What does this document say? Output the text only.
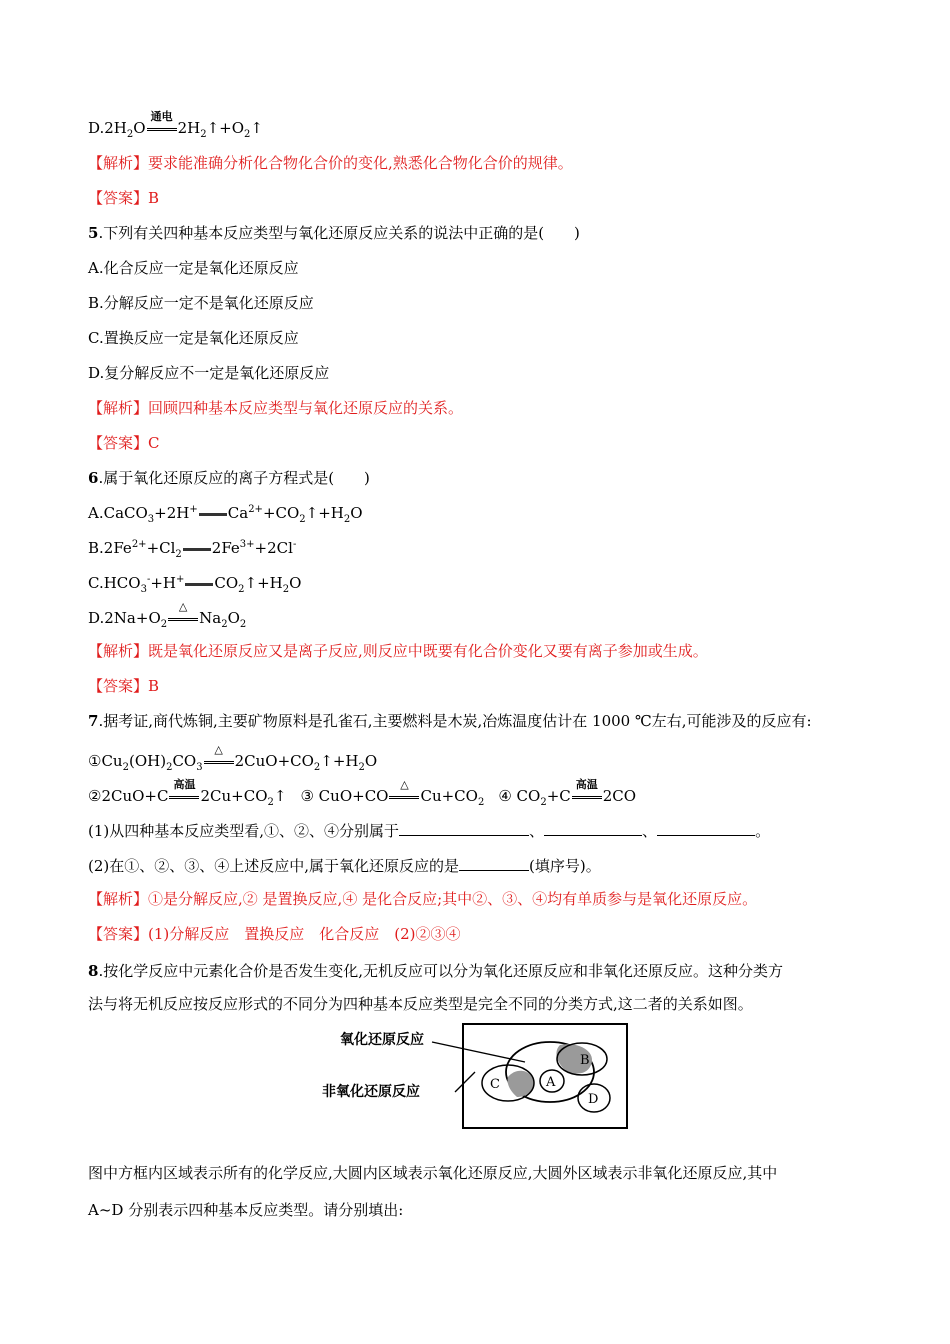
$D.2H_2O$
通电
$2H_2↑+O_2↑$
【解析】要求能准确分析化合物化合价的变化,熟悉化合物化合价的规律。
【答案】B
5.下列有关四种基本反应类型与氧化还原反应关系的说法中正确的是(　　)
A.化合反应一定是氧化还原反应
B.分解反应一定不是氧化还原反应
C.置换反应一定是氧化还原反应
D.复分解反应不一定是氧化还原反应
【解析】回顾四种基本反应类型与氧化还原反应的关系。
【答案】C
6.属于氧化还原反应的离子方程式是(　　)
A.CaCO$_3$+2H+ $Ca^{2+}+CO_2↑+H_2O$
$B.2Fe^{2+}+Cl_2$ $2Fe^{3+}+2Cl^-$
$C.HCO_3^-+H^+$ $CO_2↑+H_2O$
$D.2Na+O_2$
△
$Na_2O_2$
【解析】既是氧化还原反应又是离子反应,则反应中既要有化合价变化又要有离子参加或生成。
【答案】B
7.据考证,商代炼铜,主要矿物原料是孔雀石,主要燃料是木炭,冶炼温度估计在 1000 ℃左右,可能涉及的反应有:
$①Cu_2(OH)_2CO_3$
△
$2CuO+CO_2↑+H_2O$
②2CuO+C
高温
$2Cu+CO_2↑$ ③ CuO+CO
△
$Cu+CO_2$ ④ $CO_2+C$
高温
2CO
(1)从四种基本反应类型看,①、②、④分别属于	、	、	。
(2)在①、②、③、④上述反应中,属于氧化还原反应的是	(填序号)。
【解析】①是分解反应,② 是置换反应,④ 是化合反应;其中②、③、④均有单质参与是氧化还原反应。
【答案】(1)分解反应　置换反应　化合反应　(2)②③④
8.按化学反应中元素化合价是否发生变化,无机反应可以分为氧化还原反应和非氧化还原反应。这种分类方
法与将无机反应按反应形式的不同分为四种基本反应类型是完全不同的分类方式,这二者的关系如图。
氧化还原反应
非氧化还原反应
A
B
C
D
图中方框内区域表示所有的化学反应,大圆内区域表示氧化还原反应,大圆外区域表示非氧化还原反应,其中
A~D 分别表示四种基本反应类型。请分别填出:
